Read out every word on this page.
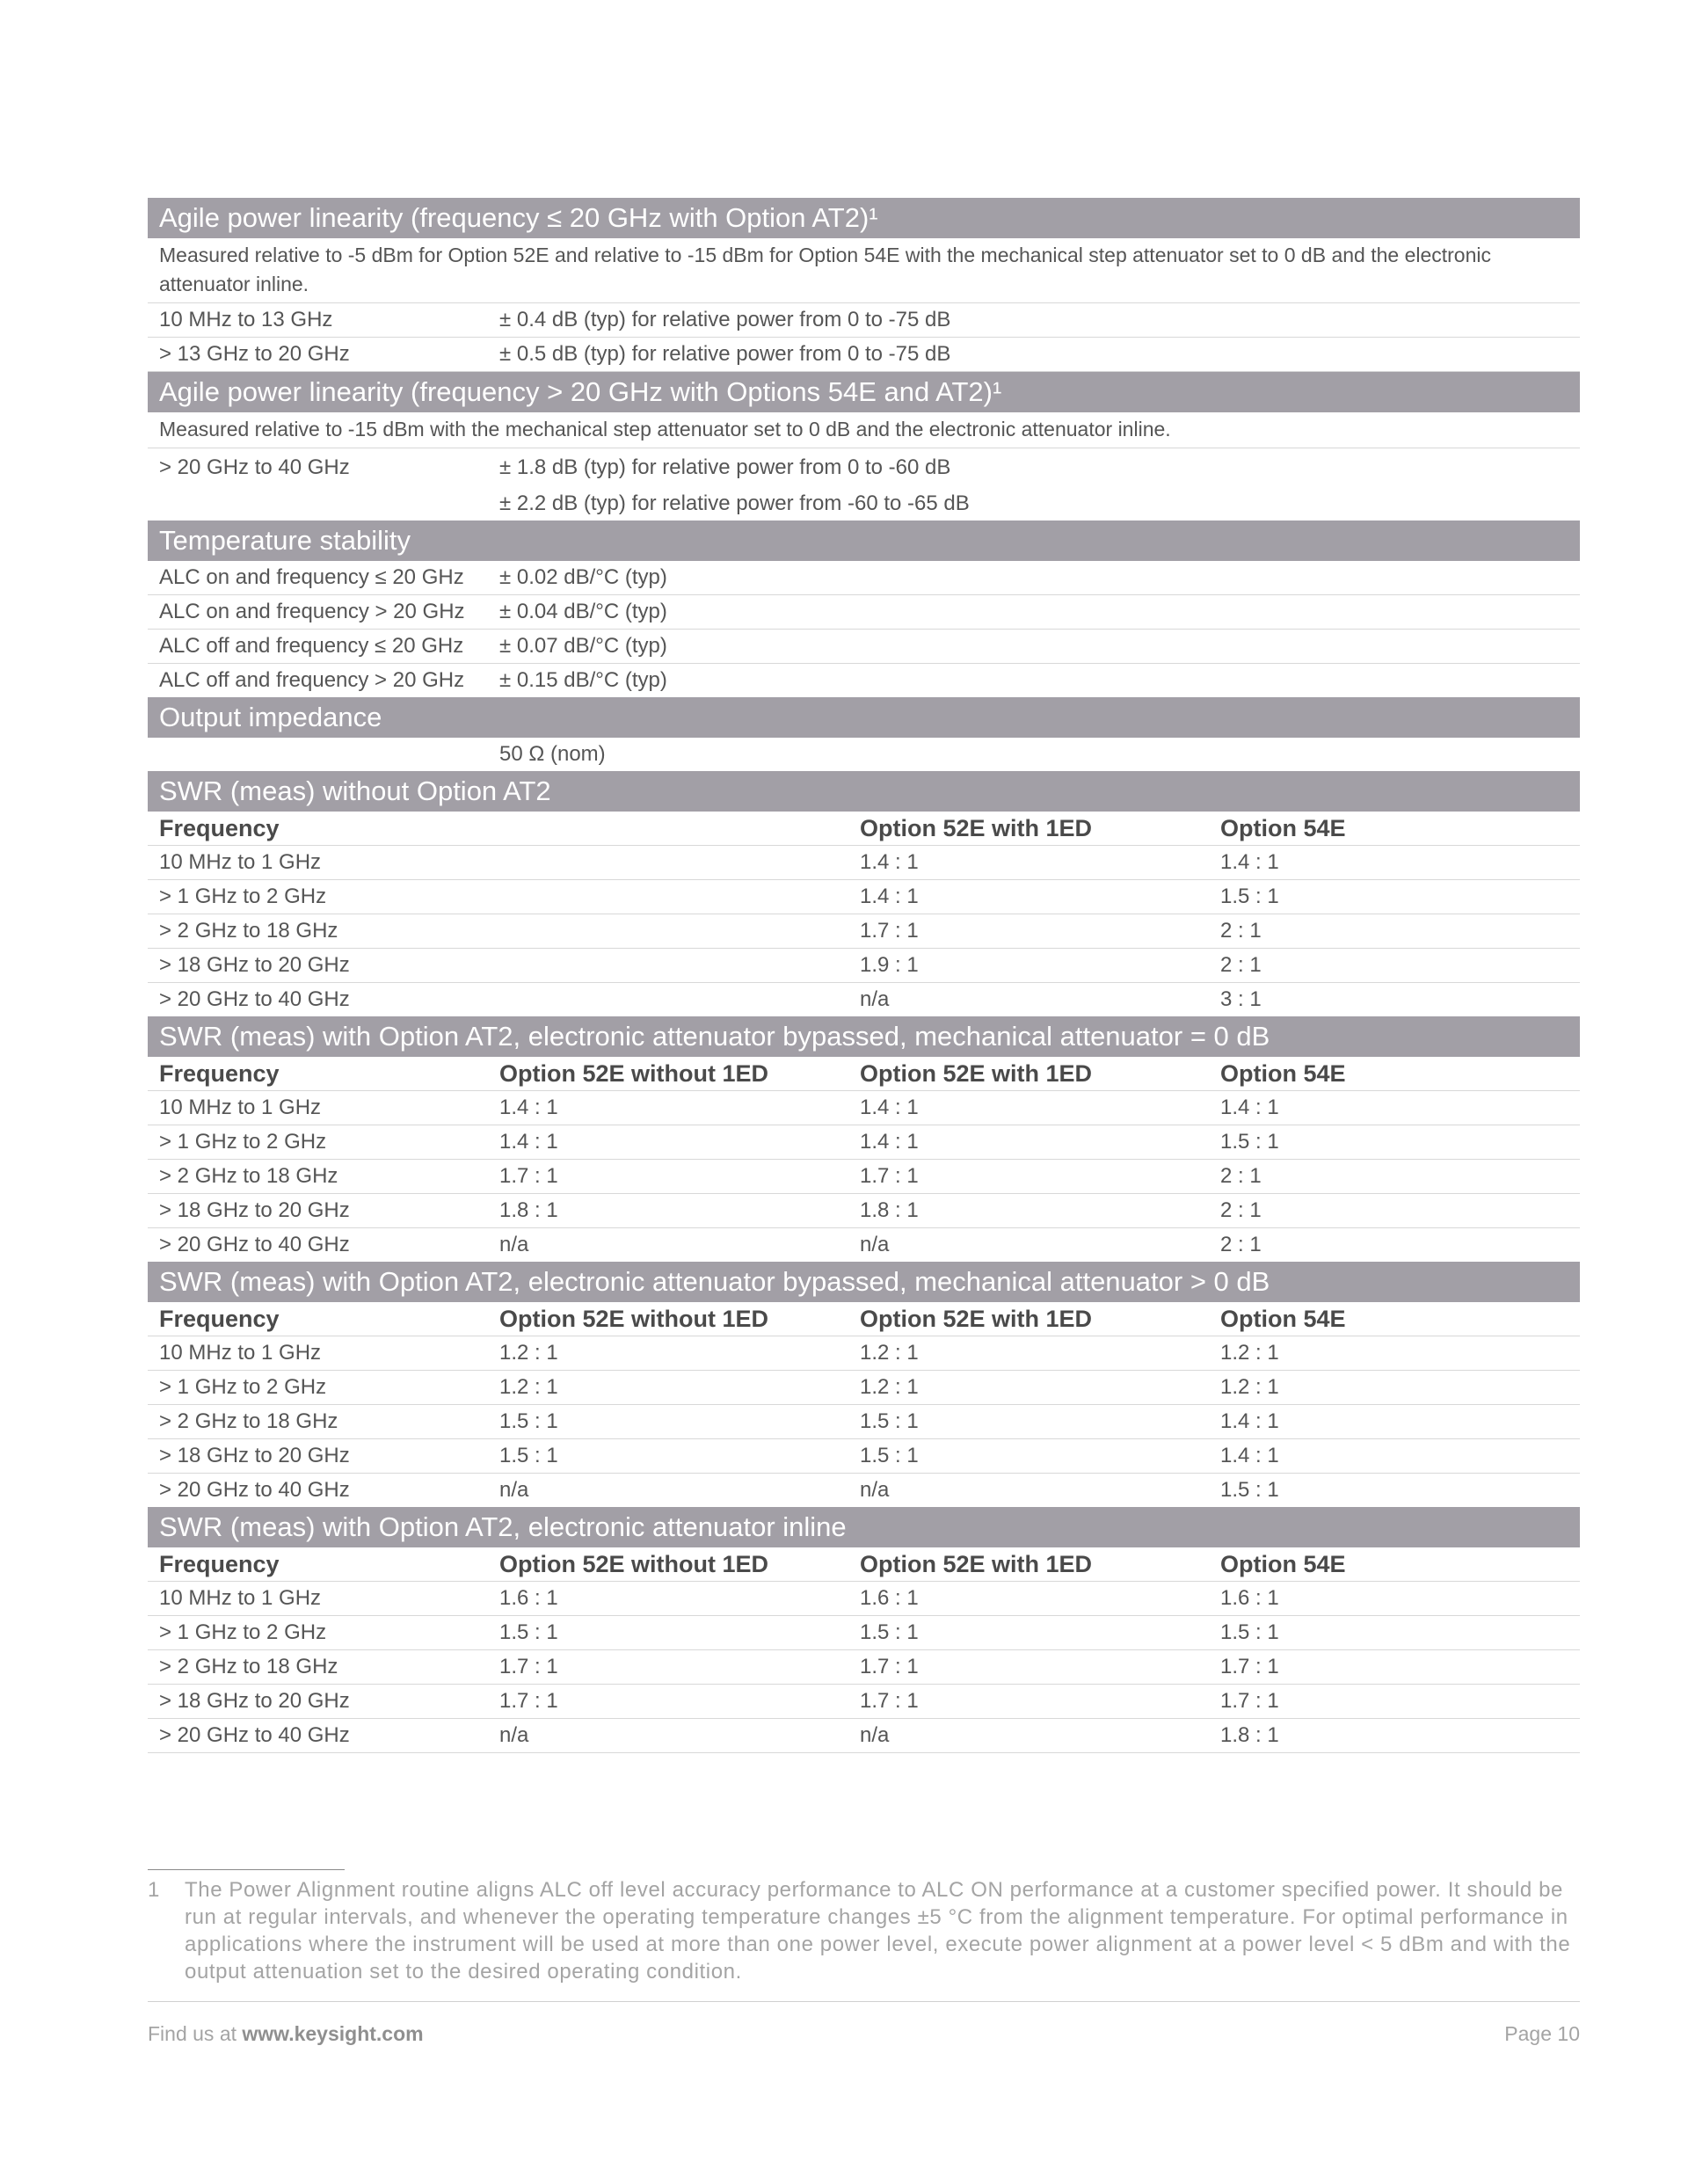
Agile power linearity (frequency ≤ 20 GHz with Option AT2)¹
Measured relative to -5 dBm for Option 52E and relative to -15 dBm for Option 54E with the mechanical step attenuator set to 0 dB and the electronic attenuator inline.
10 MHz to 13 GHz	± 0.4 dB (typ) for relative power from 0 to -75 dB
> 13 GHz to 20 GHz	± 0.5 dB (typ) for relative power from 0 to -75 dB
Agile power linearity (frequency > 20 GHz with Options 54E and AT2)¹
Measured relative to -15 dBm with the mechanical step attenuator set to 0 dB and the electronic attenuator inline.
> 20 GHz to 40 GHz	± 1.8 dB (typ) for relative power from 0 to -60 dB
± 2.2 dB (typ) for relative power from -60 to -65 dB
Temperature stability
ALC on and frequency ≤ 20 GHz	± 0.02 dB/°C (typ)
ALC on and frequency > 20 GHz	± 0.04 dB/°C (typ)
ALC off and frequency ≤ 20 GHz	± 0.07 dB/°C (typ)
ALC off and frequency > 20 GHz	± 0.15 dB/°C (typ)
Output impedance
50 Ω (nom)
SWR (meas) without Option AT2
Frequency	Option 52E with 1ED	Option 54E
10 MHz to 1 GHz	1.4 : 1	1.4 : 1
> 1 GHz to 2 GHz	1.4 : 1	1.5 : 1
> 2 GHz to 18 GHz	1.7 : 1	2 : 1
> 18 GHz to 20 GHz	1.9 : 1	2 : 1
> 20 GHz to 40 GHz	n/a	3 : 1
SWR (meas) with Option AT2, electronic attenuator bypassed, mechanical attenuator = 0 dB
Frequency	Option 52E without 1ED	Option 52E with 1ED	Option 54E
10 MHz to 1 GHz	1.4 : 1	1.4 : 1	1.4 : 1
> 1 GHz to 2 GHz	1.4 : 1	1.4 : 1	1.5 : 1
> 2 GHz to 18 GHz	1.7 : 1	1.7 : 1	2 : 1
> 18 GHz to 20 GHz	1.8 : 1	1.8 : 1	2 : 1
> 20 GHz to 40 GHz	n/a	n/a	2 : 1
SWR (meas) with Option AT2, electronic attenuator bypassed, mechanical attenuator > 0 dB
Frequency	Option 52E without 1ED	Option 52E with 1ED	Option 54E
10 MHz to 1 GHz	1.2 : 1	1.2 : 1	1.2 : 1
> 1 GHz to 2 GHz	1.2 : 1	1.2 : 1	1.2 : 1
> 2 GHz to 18 GHz	1.5 : 1	1.5 : 1	1.4 : 1
> 18 GHz to 20 GHz	1.5 : 1	1.5 : 1	1.4 : 1
> 20 GHz to 40 GHz	n/a	n/a	1.5 : 1
SWR (meas) with Option AT2, electronic attenuator inline
Frequency	Option 52E without 1ED	Option 52E with 1ED	Option 54E
10 MHz to 1 GHz	1.6 : 1	1.6 : 1	1.6 : 1
> 1 GHz to 2 GHz	1.5 : 1	1.5 : 1	1.5 : 1
> 2 GHz to 18 GHz	1.7 : 1	1.7 : 1	1.7 : 1
> 18 GHz to 20 GHz	1.7 : 1	1.7 : 1	1.7 : 1
> 20 GHz to 40 GHz	n/a	n/a	1.8 : 1
1	The Power Alignment routine aligns ALC off level accuracy performance to ALC ON performance at a customer specified power. It should be run at regular intervals, and whenever the operating temperature changes ±5 °C from the alignment temperature. For optimal performance in applications where the instrument will be used at more than one power level, execute power alignment at a power level < 5 dBm and with the output attenuation set to the desired operating condition.
Find us at www.keysight.com	Page 10
